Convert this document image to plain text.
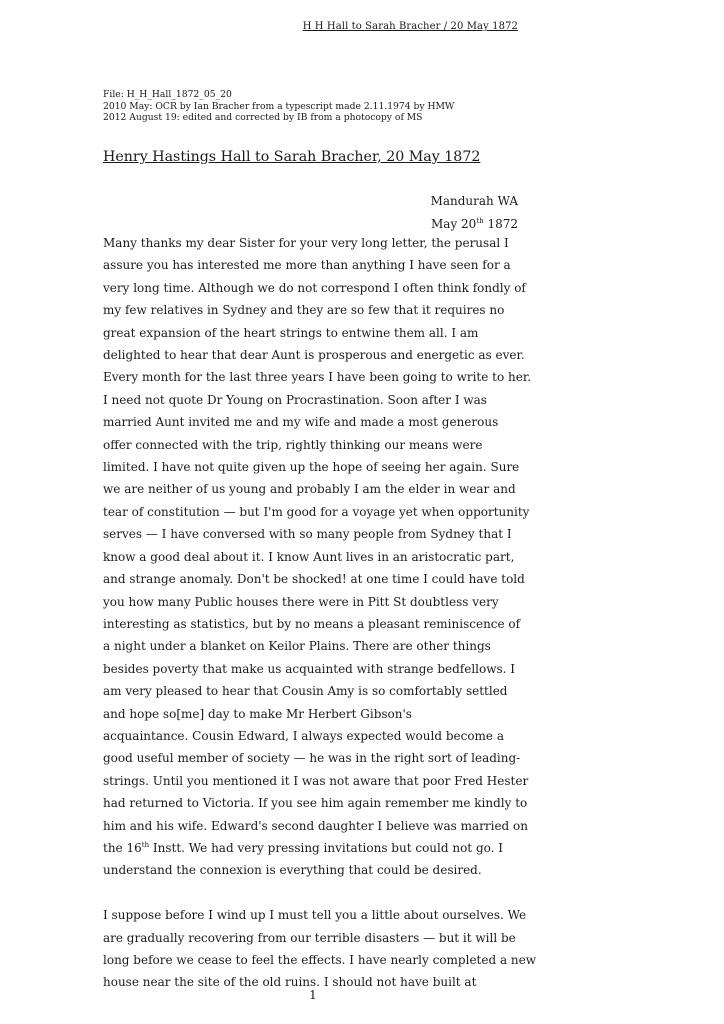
H H Hall to Sarah Bracher / 20 May 1872
File: H_H_Hall_1872_05_20
2010 May: OCR by Ian Bracher from a typescript made 2.11.1974 by HMW
2012 August 19: edited and corrected by IB from a photocopy of MS
Henry Hastings Hall to Sarah Bracher, 20 May 1872
Mandurah WA
May 20th 1872
Many thanks my dear Sister for your very long letter, the perusal I
assure you has interested me more than anything I have seen for a
very long time. Although we do not correspond I often think fondly of
my few relatives in Sydney and they are so few that it requires no
great expansion of the heart strings to entwine them all. I am
delighted to hear that dear Aunt is prosperous and energetic as ever.
Every month for the last three years I have been going to write to her.
I need not quote Dr Young on Procrastination. Soon after I was
married Aunt invited me and my wife and made a most generous
offer connected with the trip, rightly thinking our means were
limited. I have not quite given up the hope of seeing her again. Sure
we are neither of us young and probably I am the elder in wear and
tear of constitution — but I'm good for a voyage yet when opportunity
serves — I have conversed with so many people from Sydney that I
know a good deal about it. I know Aunt lives in an aristocratic part,
and strange anomaly. Don't be shocked! at one time I could have told
you how many Public houses there were in Pitt St doubtless very
interesting as statistics, but by no means a pleasant reminiscence of
a night under a blanket on Keilor Plains. There are other things
besides poverty that make us acquainted with strange bedfellows. I
am very pleased to hear that Cousin Amy is so comfortably settled
and hope so[me] day to make Mr Herbert Gibson's
acquaintance. Cousin Edward, I always expected would become a
good useful member of society — he was in the right sort of leading-
strings. Until you mentioned it I was not aware that poor Fred Hester
had returned to Victoria. If you see him again remember me kindly to
him and his wife. Edward's second daughter I believe was married on
the 16th Instt. We had very pressing invitations but could not go. I
understand the connexion is everything that could be desired.
I suppose before I wind up I must tell you a little about ourselves. We
are gradually recovering from our terrible disasters — but it will be
long before we cease to feel the effects. I have nearly completed a new
house near the site of the old ruins. I should not have built at
1
